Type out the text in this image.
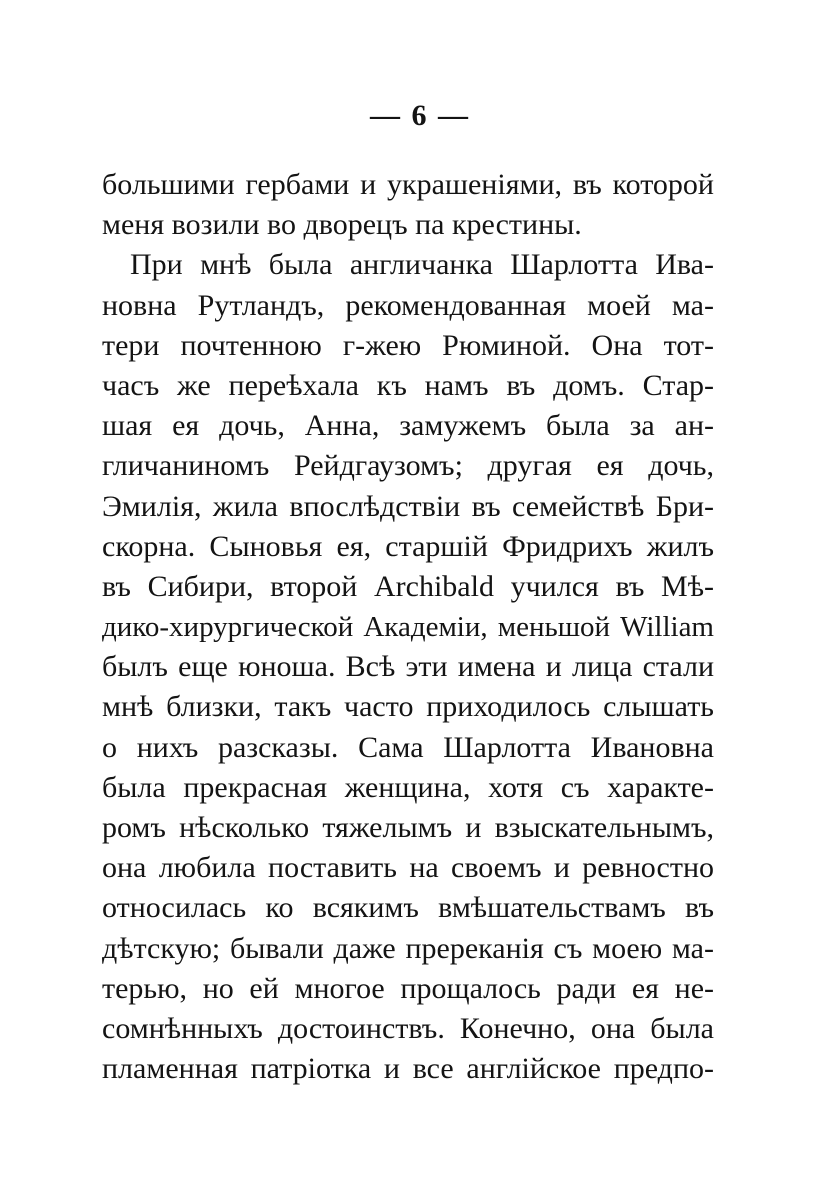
— 6 —
большими гербами и украшеніями, въ которой
меня возили во дворецъ па крестины.
При мнѣ была англичанка Шарлотта Ива-
новна Рутландъ, рекомендованная моей ма-
тери почтенною г-жею Рюминой. Она тот-
часъ же переѣхала къ намъ въ домъ. Стар-
шая ея дочь, Анна, замужемъ была за ан-
гличаниномъ Рейдгаузомъ; другая ея дочь,
Эмилія, жила впослѣдствіи въ семействѣ Бри-
скорна. Сыновья ея, старшій Фридрихъ жилъ
въ Сибири, второй Archibald учился въ Мѣ-
дико-хирургической Академіи, меньшой William
былъ еще юноша. Всѣ эти имена и лица стали
мнѣ близки, такъ часто приходилось слышать
о нихъ разсказы. Сама Шарлотта Ивановна
была прекрасная женщина, хотя съ характе-
ромъ нѣсколько тяжелымъ и взыскательнымъ,
она любила поставить на своемъ и ревностно
относилась ко всякимъ вмѣшательствамъ въ
дѣтскую; бывали даже пререканія съ моею ма-
терью, но ей многое прощалось ради ея не-
сомнѣнныхъ достоинствъ. Конечно, она была
пламенная патріотка и все англійское предпо-
